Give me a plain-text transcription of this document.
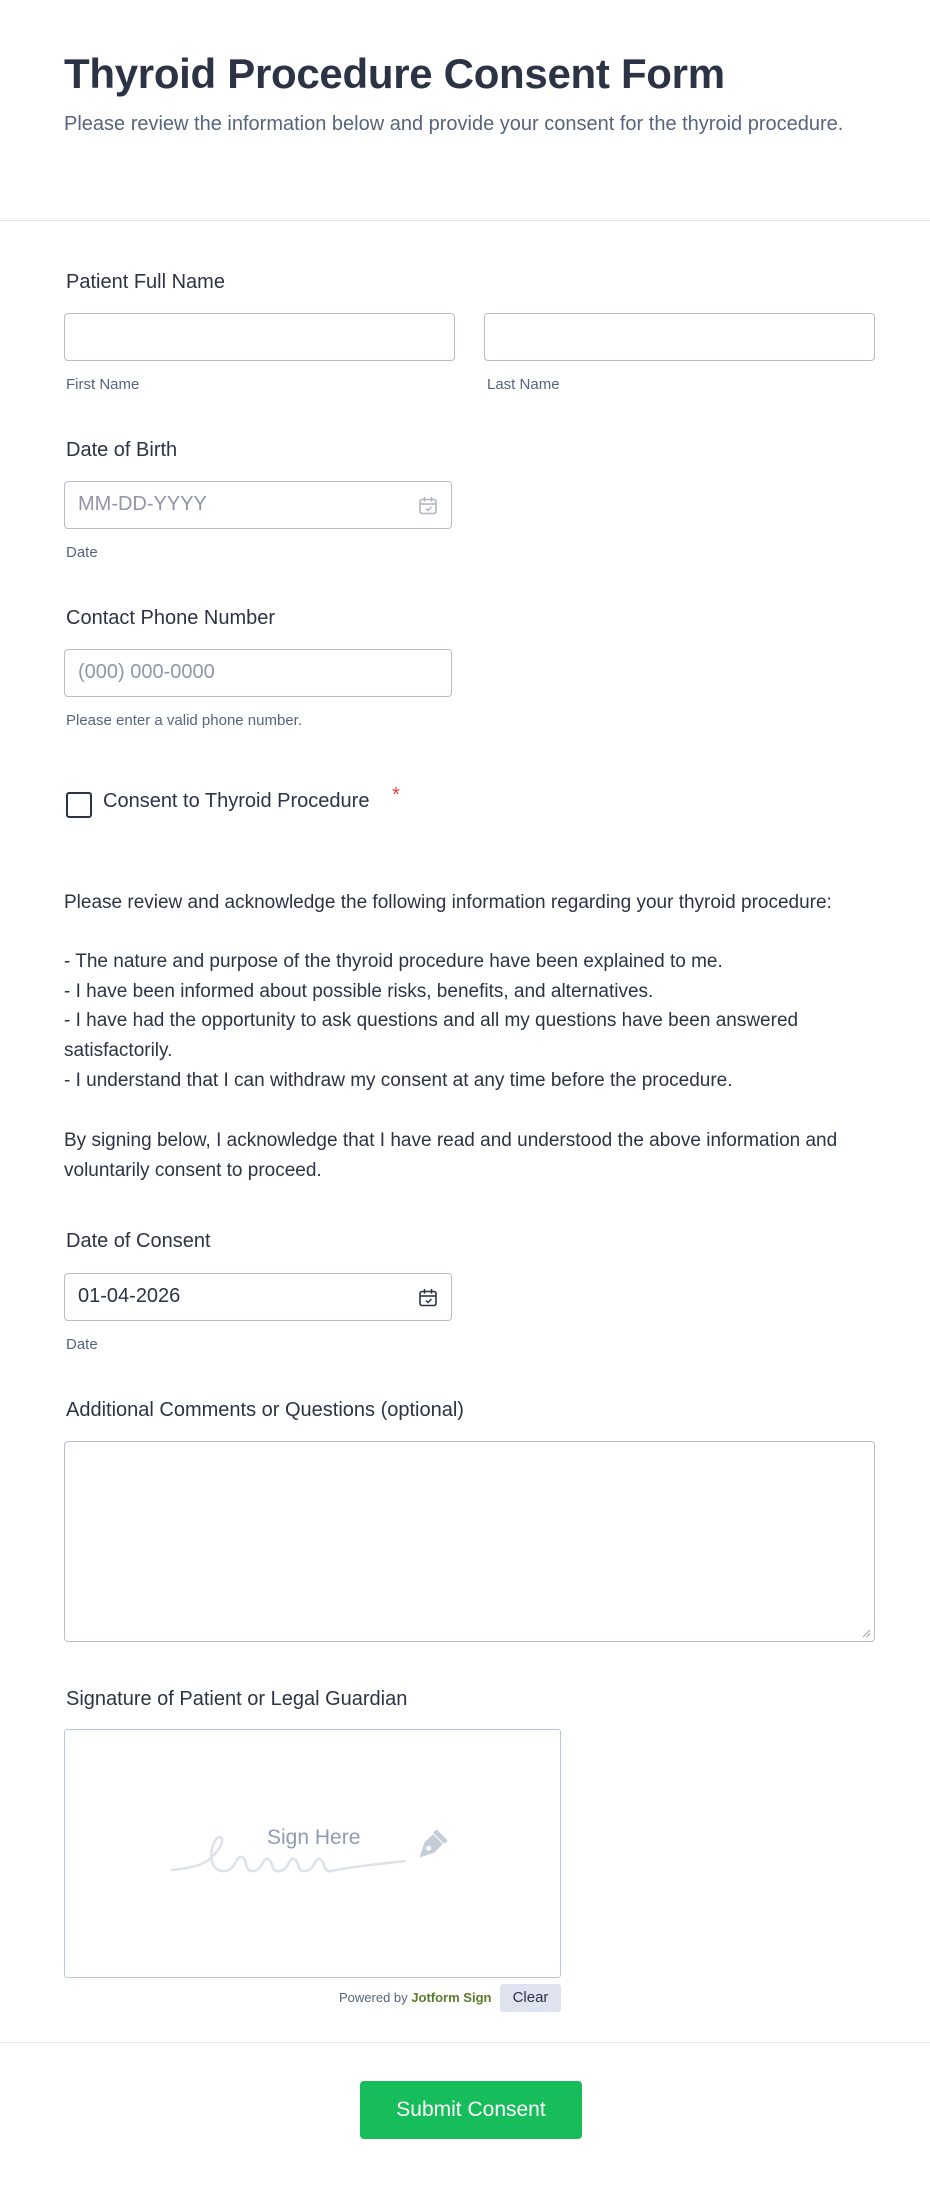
Thyroid Procedure Consent Form

Please review the information below and provide your consent for the thyroid procedure.

Patient Full Name
First Name	Last Name
Date of Birth
MM-DD-YYYY
Date
Contact Phone Number
(000) 000-0000
Please enter a valid phone number.
Consent to Thyroid Procedure *

Please review and acknowledge the following information regarding your thyroid procedure:

- The nature and purpose of the thyroid procedure have been explained to me.

- I have been informed about possible risks, benefits, and alternatives.

- I have had the opportunity to ask questions and all my questions have been answered satisfactorily.

- I understand that I can withdraw my consent at any time before the procedure.

By signing below, I acknowledge that I have read and understood the above information and voluntarily consent to proceed.

Date of Consent
01-04-2026
Date
Additional Comments or Questions (optional)
Signature of Patient or Legal Guardian
Sign Here
Powered by Jotform Sign	Clear
Submit Consent
